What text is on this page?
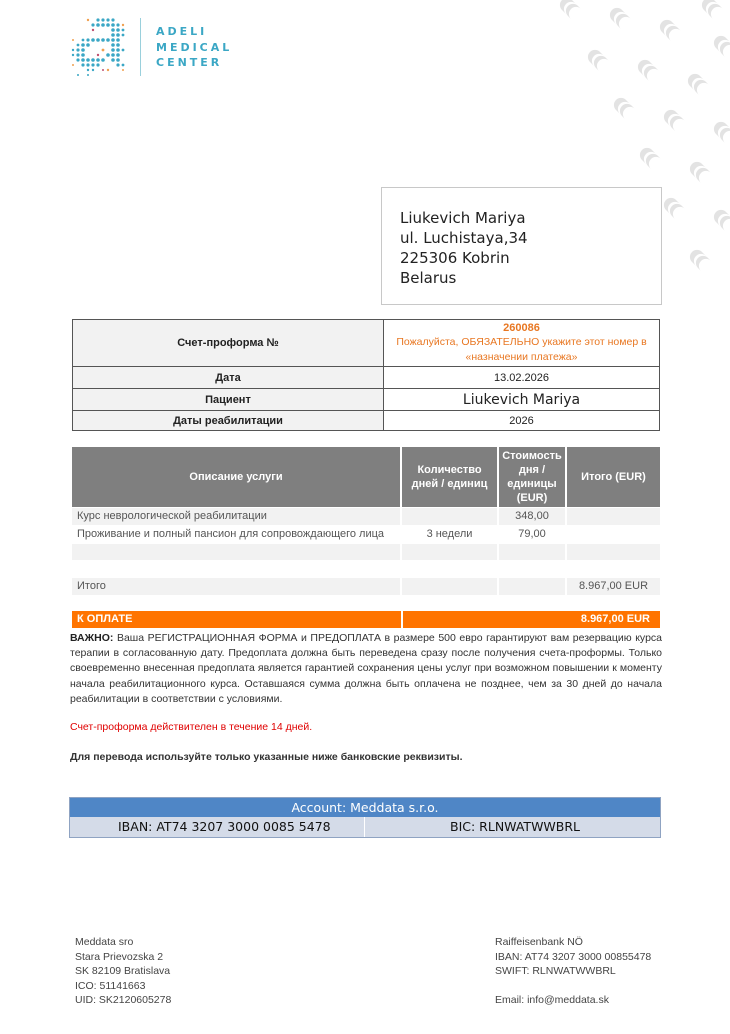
ADELI
MEDICAL
CENTER
Liukevich Mariya
ul. Luchistaya,34
225306 Kobrin
Belarus
Счет-проформа №	260086
Пожалуйста, ОБЯЗАТЕЛЬНО укажите этот номер в
«назначении платежа»

Дата	13.02.2026
Пациент	Liukevich Mariya
Даты реабилитации	2026
Описание услуги	Количество дней / единиц	Стоимость дня / единицы (EUR)	Итого (EUR)
Курс неврологической реабилитации		348,00	
Проживание и полный пансион для сопровождающего лица	3 недели	79,00	

Итого			8.967,00 EUR
К ОПЛАТЕ	8.967,00 EUR
ВАЖНО: Ваша РЕГИСТРАЦИОННАЯ ФОРМА и ПРЕДОПЛАТА в размере 500 евро гарантируют вам резервацию курса терапии в согласованную дату. Предоплата должна быть переведена сразу после получения счета-проформы. Только своевременно внесенная предоплата является гарантией сохранения цены услуг при возможном повышении к моменту начала реабилитационного курса. Оставшаяся сумма должна быть оплачена не позднее, чем за 30 дней до начала реабилитации в соответствии с условиями.
Счет-проформа действителен в течение 14 дней.
Для перевода используйте только указанные ниже банковские реквизиты.
Account: Meddata s.r.o.
IBAN: AT74 3207 3000 0085 5478	BIC: RLNWATWWBRL
Meddata sro
Stara Prievozska 2
SK 82109 Bratislava
ICO: 51141663
UID: SK2120605278
Raiffeisenbank NÖ
IBAN: AT74 3207 3000 00855478
SWIFT: RLNWATWWBRL
Email: info@meddata.sk
